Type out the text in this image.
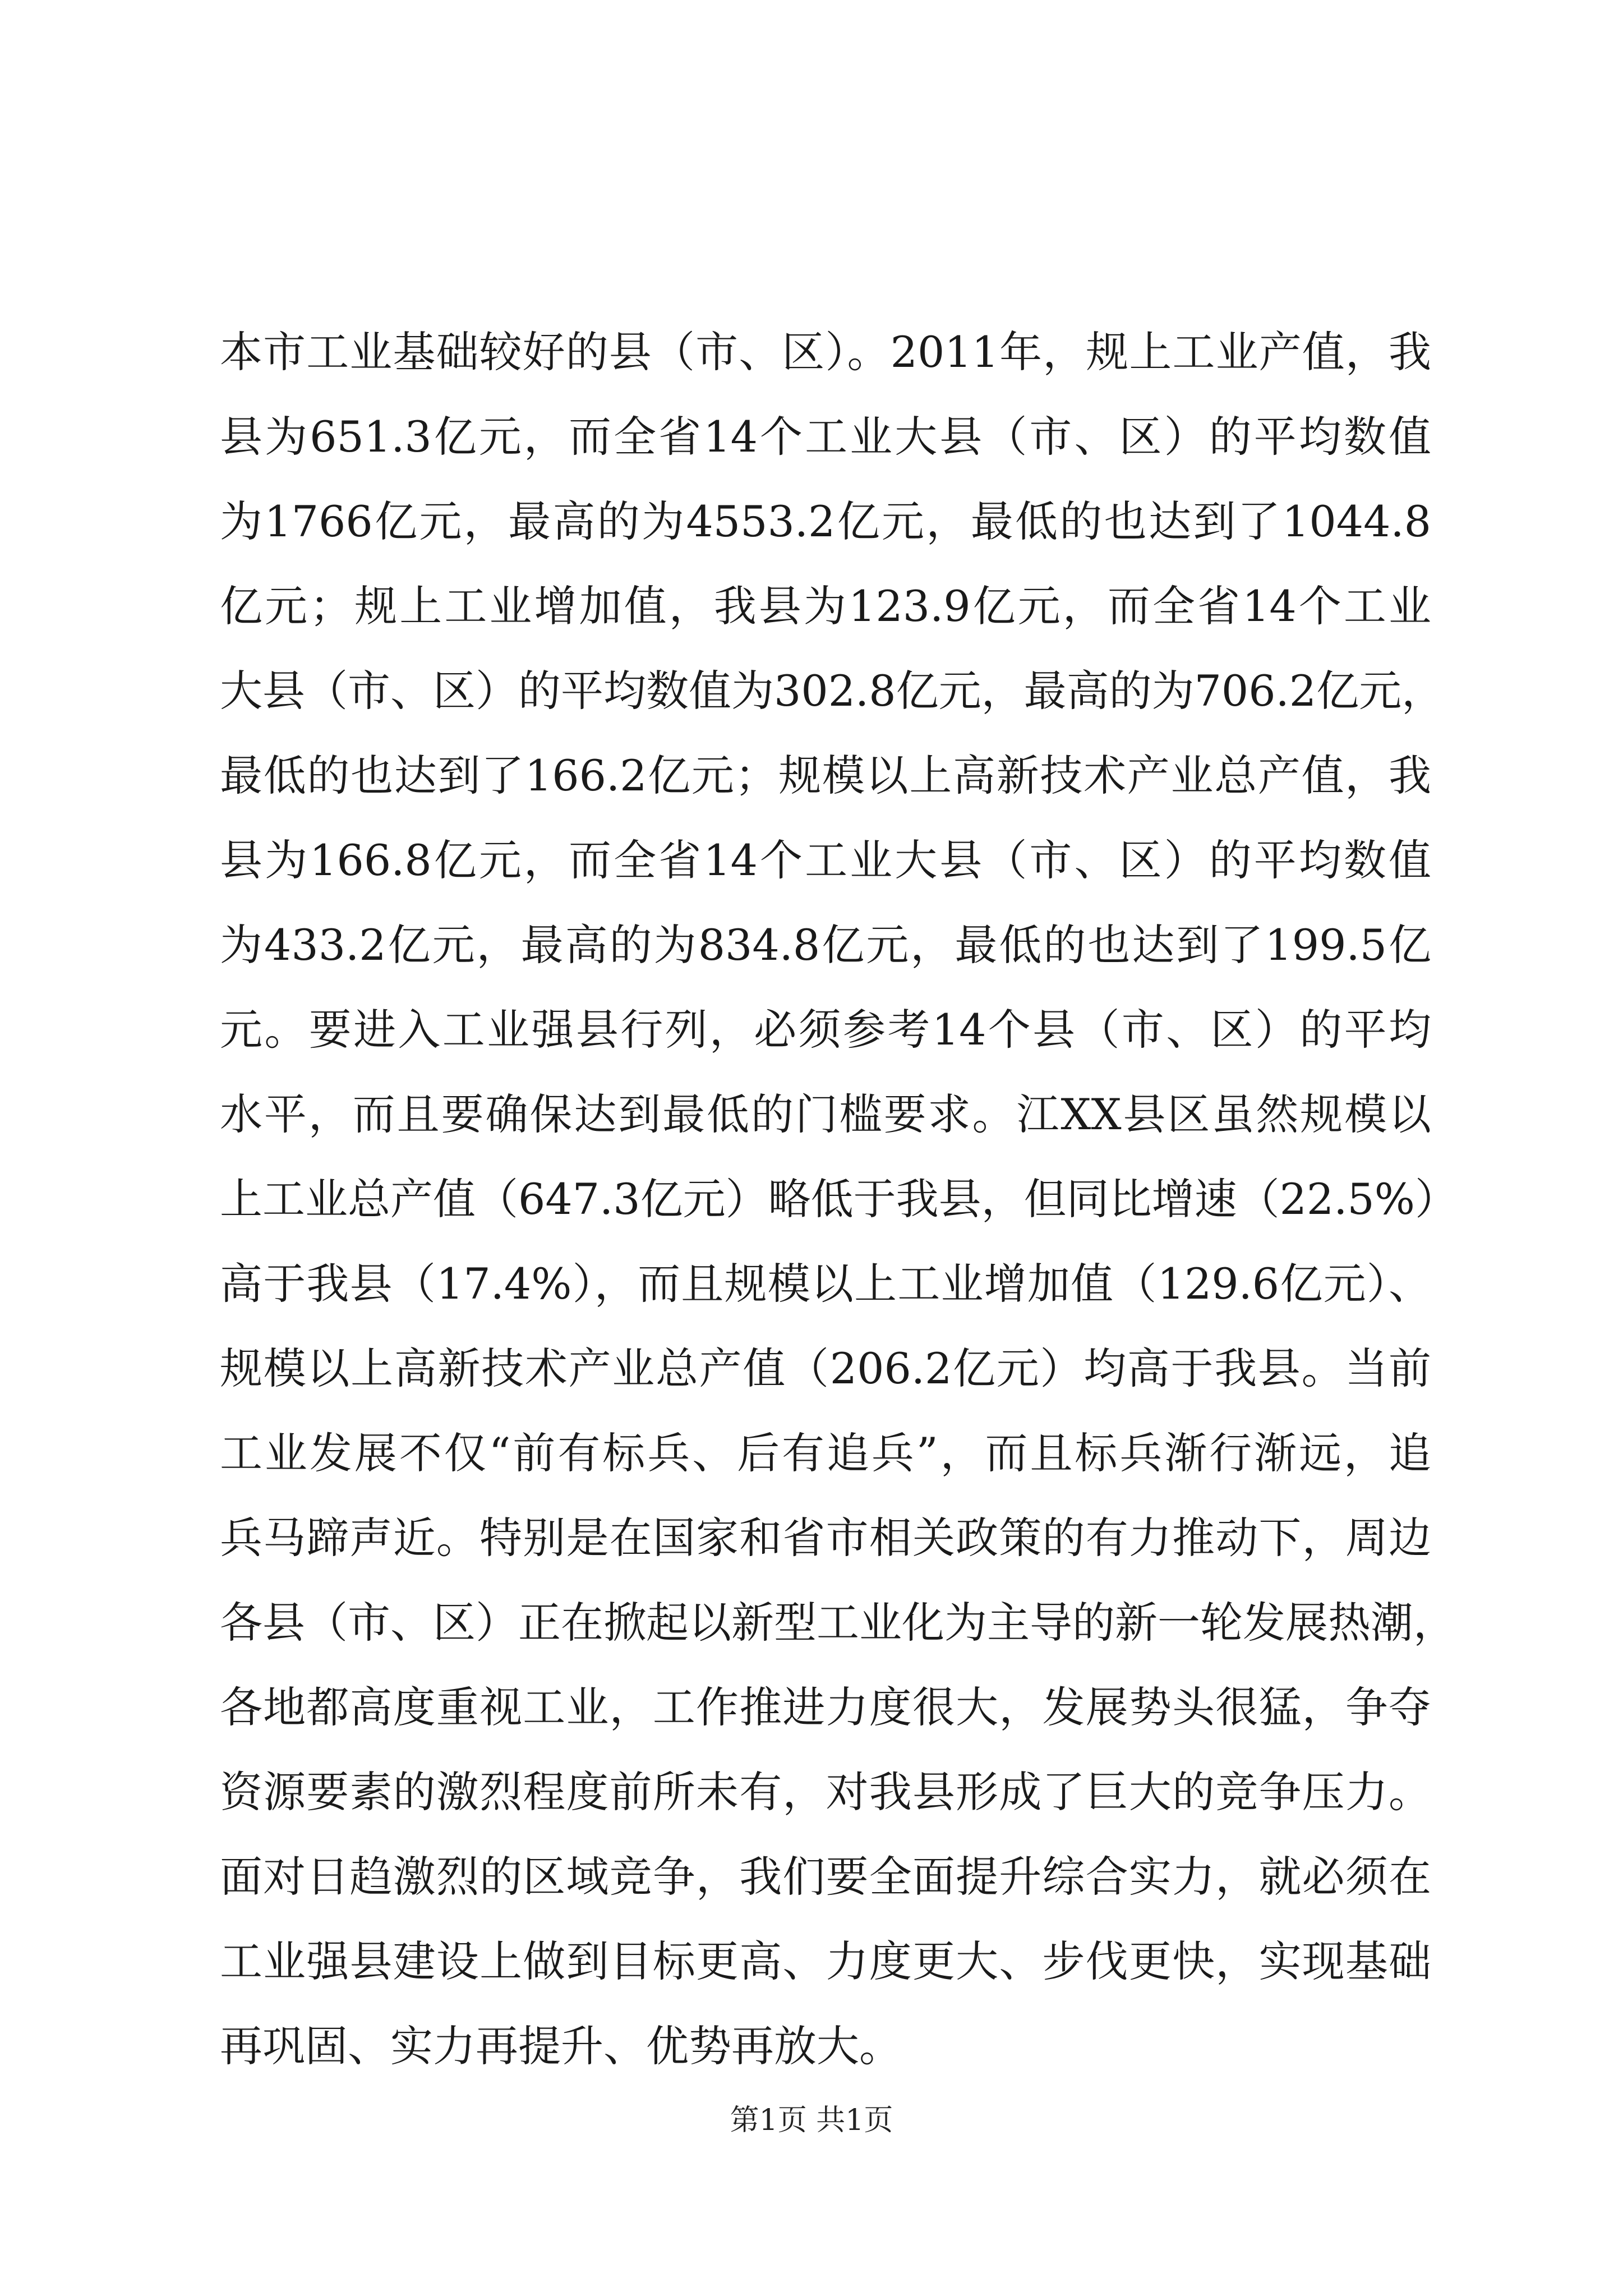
本市工业基础较好的县（市、区）。2011年，规上工业产值，我
县为651.3亿元，而全省14个工业大县（市、区）的平均数值
为1766亿元，最高的为4553.2亿元，最低的也达到了1044.8
亿元；规上工业增加值，我县为123.9亿元，而全省14个工业
大县（市、区）的平均数值为302.8亿元，最高的为706.2亿元，
最低的也达到了166.2亿元；规模以上高新技术产业总产值，我
县为166.8亿元，而全省14个工业大县（市、区）的平均数值
为433.2亿元，最高的为834.8亿元，最低的也达到了199.5亿
元。要进入工业强县行列，必须参考14个县（市、区）的平均
水平，而且要确保达到最低的门槛要求。江XX县区虽然规模以
上工业总产值（647.3亿元）略低于我县，但同比增速（22.5%）
高于我县（17.4%），而且规模以上工业增加值（129.6亿元）、
规模以上高新技术产业总产值（206.2亿元）均高于我县。当前
工业发展不仅“前有标兵、后有追兵”，而且标兵渐行渐远，追
兵马蹄声近。特别是在国家和省市相关政策的有力推动下，周边
各县（市、区）正在掀起以新型工业化为主导的新一轮发展热潮，
各地都高度重视工业，工作推进力度很大，发展势头很猛，争夺
资源要素的激烈程度前所未有，对我县形成了巨大的竞争压力。
面对日趋激烈的区域竞争，我们要全面提升综合实力，就必须在
工业强县建设上做到目标更高、力度更大、步伐更快，实现基础
再巩固、实力再提升、优势再放大。
第1页 共1页
